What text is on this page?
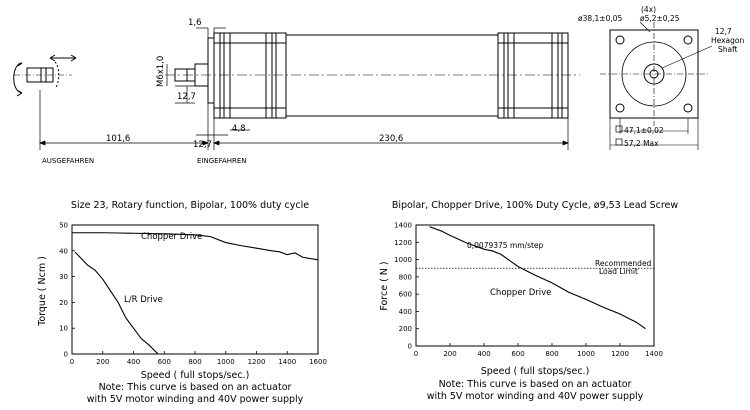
1,6
M6x1,0
12,7
4,8
101,6
12,7
230,6
AUSGEFAHREN	EINGEFAHREN
(4x)
ø38,1±0,05 ø5,2±0,25
12,7
Hexagon
Shaft
47,1±0,02
57,2 Max
Size 23, Rotary function, Bipolar, 100% duty cycle
0	200 400 600 800 1000 1200 1400 1600
0
10
20
30
40
50
Chopper Drive
L/R Drive
Speed ( full stops/sec.)
Torque ( Ncm )
Note: This curve is based on an actuator
with 5V motor winding and 40V power supply
Bipolar, Chopper Drive, 100% Duty Cycle, ø9,53 Lead Screw
0	200	400	600	800	1000 1200 1400
0
200
400
600
800
1000
1200
1400
0,0079375 mm/step
Recommended
Load Limit
Chopper Drive
Speed ( full stops/sec.)
Force ( N )
Note: This curve is based on an actuator
with 5V motor winding and 40V power supply
